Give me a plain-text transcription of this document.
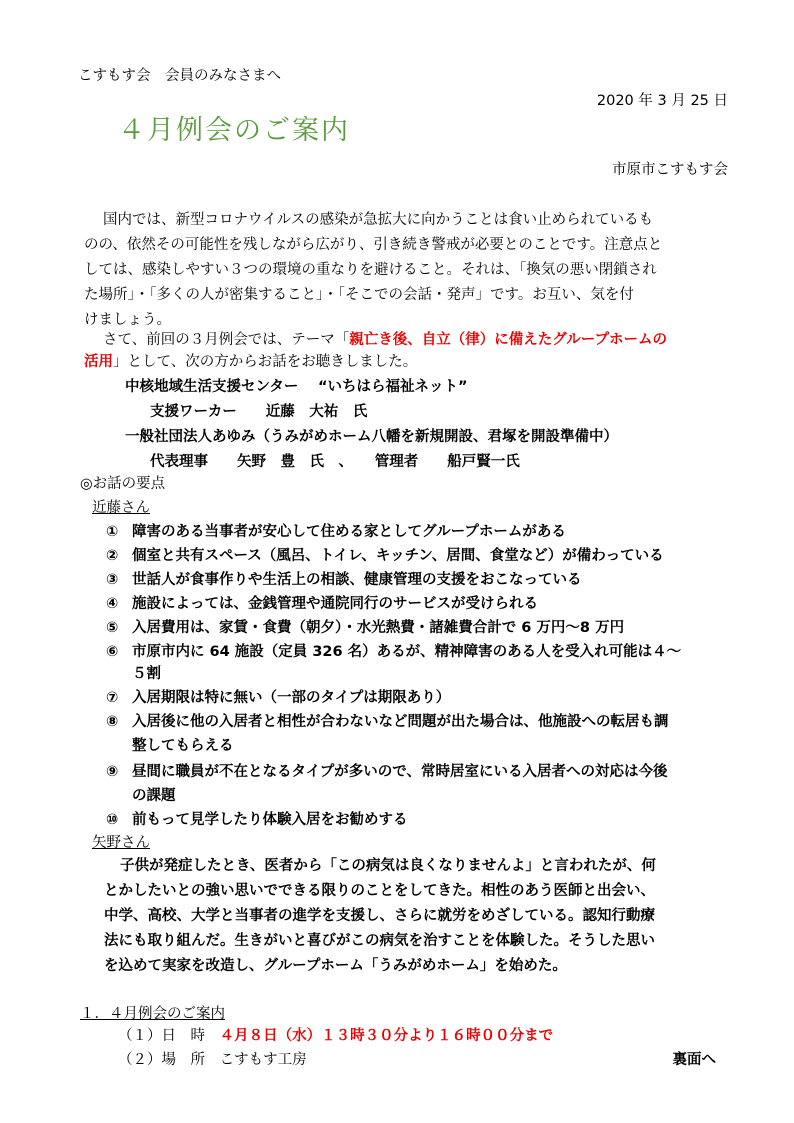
こすもす会　会員のみなさまへ
2020 年 3 月 25 日
４月例会のご案内
市原市こすもす会
国内では、新型コロナウイルスの感染が急拡大に向かうことは食い止められているも
のの、依然その可能性を残しながら広がり、引き続き警戒が必要とのことです。注意点と
しては、感染しやすい３つの環境の重なりを避けること。それは、「換気の悪い閉鎖され
た場所」・「多くの人が密集すること」・「そこでの会話・発声」です。お互い、気を付
けましょう。
さて、前回の３月例会では、テーマ「親亡き後、自立（律）に備えたグループホームの
活用」として、次の方からお話をお聴きしました。
中核地域生活支援センター　 “いちはら福祉ネット”
支援ワーカー　　近藤　大祐　氏
一般社団法人あゆみ（うみがめホーム八幡を新規開設、君塚を開設準備中）
代表理事　　矢野　豊　氏　、　　管理者　　船戸賢一氏
◎お話の要点
近藤さん
① 障害のある当事者が安心して住める家としてグループホームがある
② 個室と共有スペース（風呂、トイレ、キッチン、居間、食堂など）が備わっている
③ 世話人が食事作りや生活上の相談、健康管理の支援をおこなっている
④ 施設によっては、金銭管理や通院同行のサービスが受けられる
⑤ 入居費用は、家賃・食費（朝夕）・水光熱費・諸雑費合計で 6 万円～8 万円
⑥ 市原市内に 64 施設（定員 326 名）あるが、精神障害のある人を受入れ可能は４～
５割
⑦ 入居期限は特に無い（一部のタイプは期限あり）
⑧ 入居後に他の入居者と相性が合わないなど問題が出た場合は、他施設への転居も調
整してもらえる
⑨ 昼間に職員が不在となるタイプが多いので、常時居室にいる入居者への対応は今後
の課題
⑩ 前もって見学したり体験入居をお勧めする
矢野さん
子供が発症したとき、医者から「この病気は良くなりませんよ」と言われたが、何
とかしたいとの強い思いでできる限りのことをしてきた。相性のあう医師と出会い、
中学、高校、大学と当事者の進学を支援し、さらに就労をめざしている。認知行動療
法にも取り組んだ。生きがいと喜びがこの病気を治すことを体験した。そうした思い
を込めて実家を改造し、グループホーム「うみがめホーム」を始めた。
１．４月例会のご案内
（１）日　時 ４月８日（水）１３時３０分より１６時００分まで
（２）場　所 こすもす工房	裏面へ
